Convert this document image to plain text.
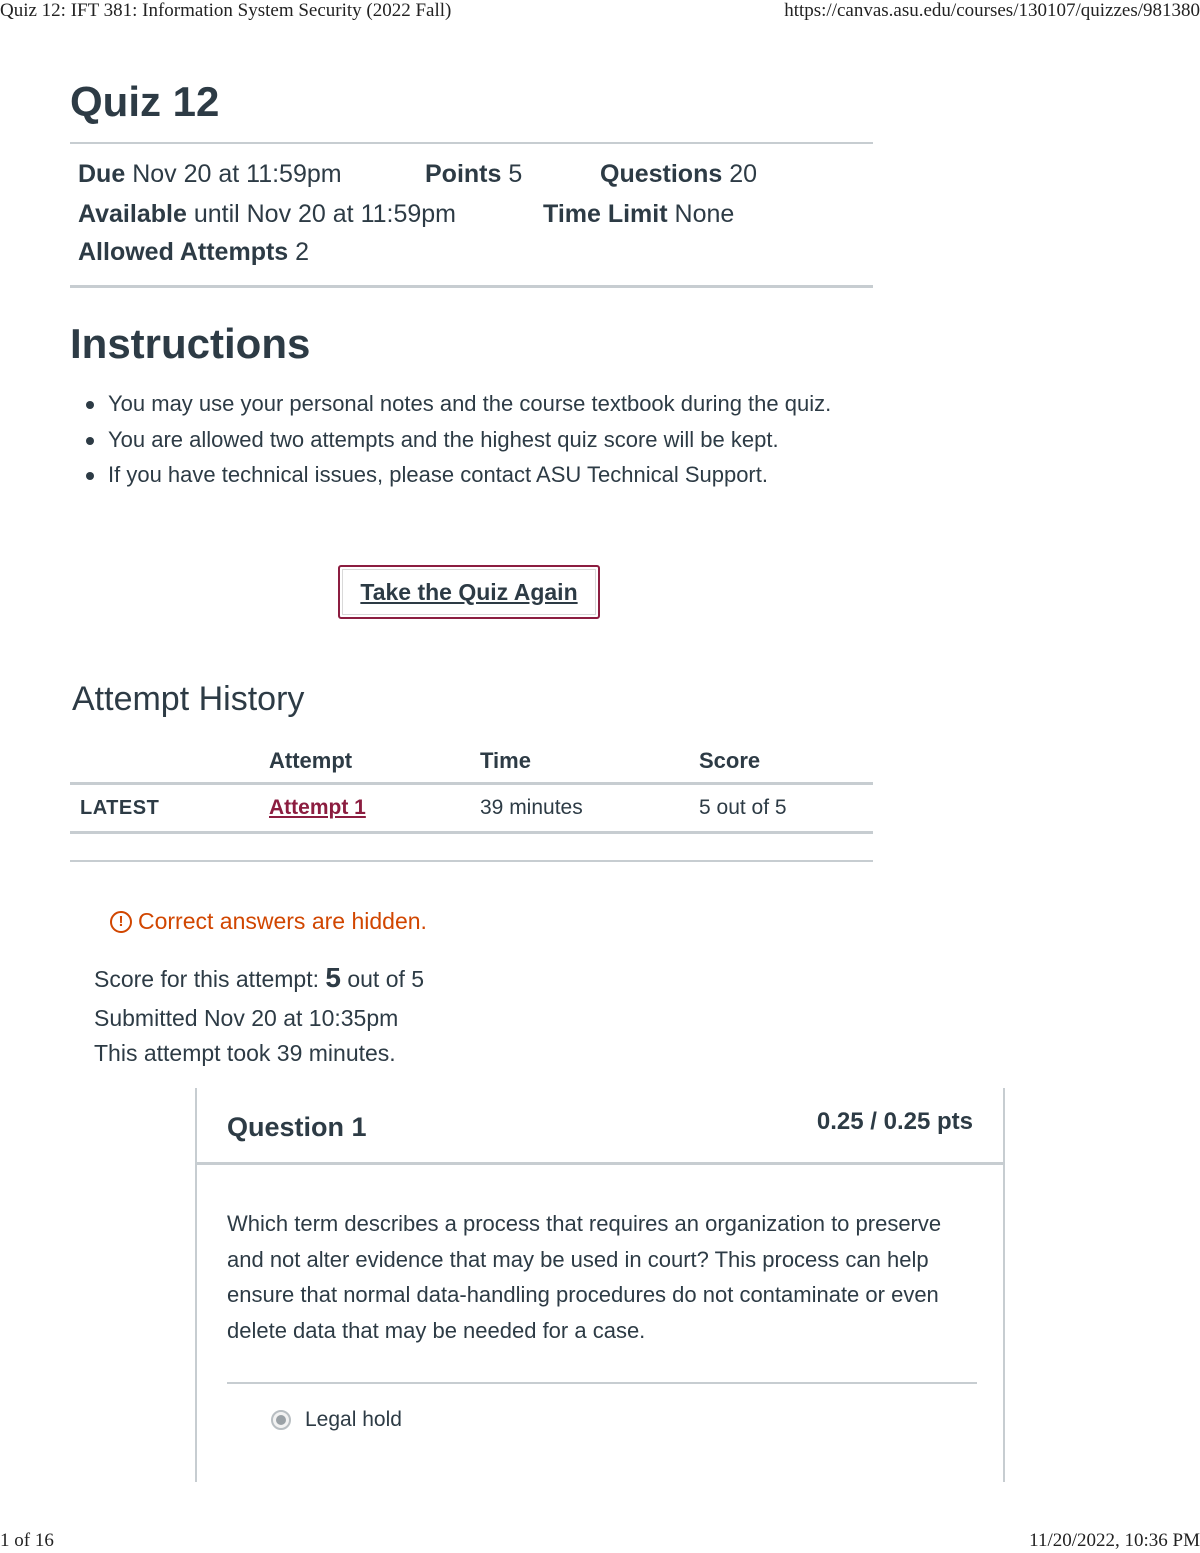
Quiz 12: IFT 381: Information System Security (2022 Fall)	https://canvas.asu.edu/courses/130107/quizzes/981380
Quiz 12
Due Nov 20 at 11:59pm	Points 5	Questions 20
Available until Nov 20 at 11:59pm	Time Limit None
Allowed Attempts 2
Instructions
You may use your personal notes and the course textbook during the quiz.
You are allowed two attempts and the highest quiz score will be kept.
If you have technical issues, please contact ASU Technical Support.
Take the Quiz Again
Attempt History
	Attempt	Time	Score
LATEST	Attempt 1	39 minutes	5 out of 5
! Correct answers are hidden.
Score for this attempt: 5 out of 5
Submitted Nov 20 at 10:35pm
This attempt took 39 minutes.
Question 1	0.25 / 0.25 pts

Which term describes a process that requires an organization to preserve and not alter evidence that may be used in court? This process can help ensure that normal data-handling procedures do not contaminate or even delete data that may be needed for a case.

Legal hold
1 of 16	11/20/2022, 10:36 PM
